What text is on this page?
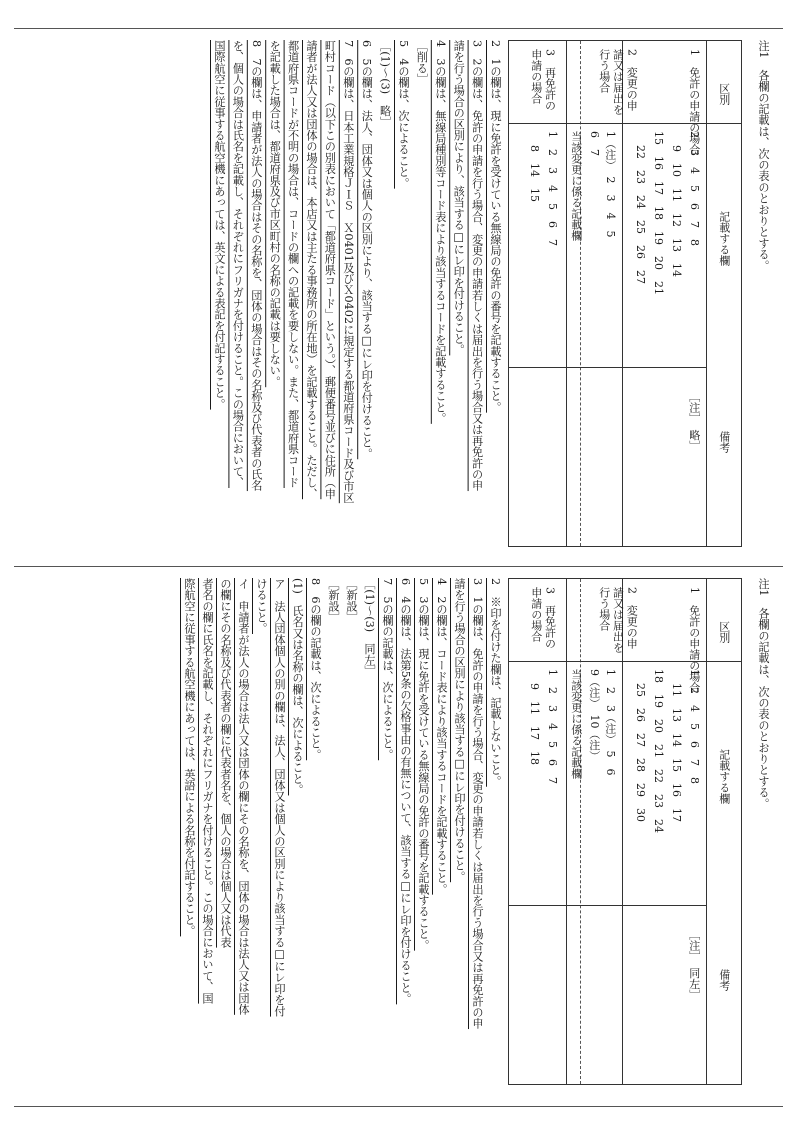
注1　各欄の記載は、次の表のとおりとする。
区別
記載する欄
備考
1　免許の申請の場合
2　3　4　5　6　7　8
9　10　11　12　13　14
15　16　17　18　19　20　21
22　23　24　25　26　27
［注］　略］
2　変更の申請又は届出を行う場合
1（注）　2　3　4　5
6　7
当該変更に係る記載欄
3　再免許の申請の場合
1　2　3　4　5　6　7
8　14　15
2　1の欄は、現に免許を受けている無線局の免許の番号を記載すること。
3　2の欄は、免許の申請を行う場合、変更の申請若しくは届出を行う場合又は再免許の申
請を行う場合の区別により、該当する□にレ印を付けること。
4　3の欄は、無線局種別等コード表により該当するコードを記載すること。
［削る］
5　4の欄は、次によること。
［(1)〜(3)　略］
6　5の欄は、法人、団体又は個人の区別により、該当する□にレ印を付けること。
7　6の欄は、日本工業規格ＪＩＳ　Ｘ0401及びＸ0402に規定する都道府県コード及び市区
町村コード（以下この別表において「都道府県コード」という。）、郵便番号並びに住所（申
請者が法人又は団体の場合は、本店又は主たる事務所の所在地）を記載すること。ただし、
都道府県コードが不明の場合は、コードの欄への記載を要しない。また、都道府県コード
を記載した場合は、都道府県及び市区町村の名称の記載は要しない。
8　7の欄は、申請者が法人の場合はその名称を、団体の場合はその名称及び代表者の氏名
を、個人の場合は氏名を記載し、それぞれにフリガナを付けること。この場合において、
国際航空に従事する航空機にあっては、英文による表記を付記すること。
注1　各欄の記載は、次の表のとおりとする。
区別
記載する欄
備考
1　免許の申請の場合
1　2　4　5　6　7　8
11　13　14　15　16　17
18　19　20　21　22　23　24
25　26　27　28　29　30
［注］　同左］
2　変更の申請又は届出を行う場合
1　2　3（注）　5　6
9（注）　10（注）
当該変更に係る記載欄
3　再免許の申請の場合
1　2　3　4　5　6　7
9　11　17　18
2　※印を付けた欄は、記載しないこと。
3　1の欄は、免許の申請を行う場合、変更の申請若しくは届出を行う場合又は再免許の申
請を行う場合の区別により該当する□にレ印を付けること。
4　2の欄は、コード表により該当するコードを記載すること。
5　3の欄は、現に免許を受けている無線局の免許の番号を記載すること。
6　4の欄は、法第5条の欠格事由の有無について、該当する□にレ印を付けること。
7　5の欄の記載は、次によること。
［(1)〜(3)　同左］
［新設］
［新設］
8　6の欄の記載は、次によること。
(1)　氏名又は名称の欄は、次によること。
ア　法人団体個人の別の欄は、法人、団体又は個人の区別により該当する□にレ印を付
けること。
イ　申請者が法人の場合は法人又は団体の欄にその名称を、団体の場合は法人又は団体
の欄にその名称及び代表者の欄に代表者名を、個人の場合は個人又は代表
者名の欄に氏名を記載し、それぞれにフリガナを付けること。この場合において、国
際航空に従事する航空機にあっては、英語による名称を付記すること。
